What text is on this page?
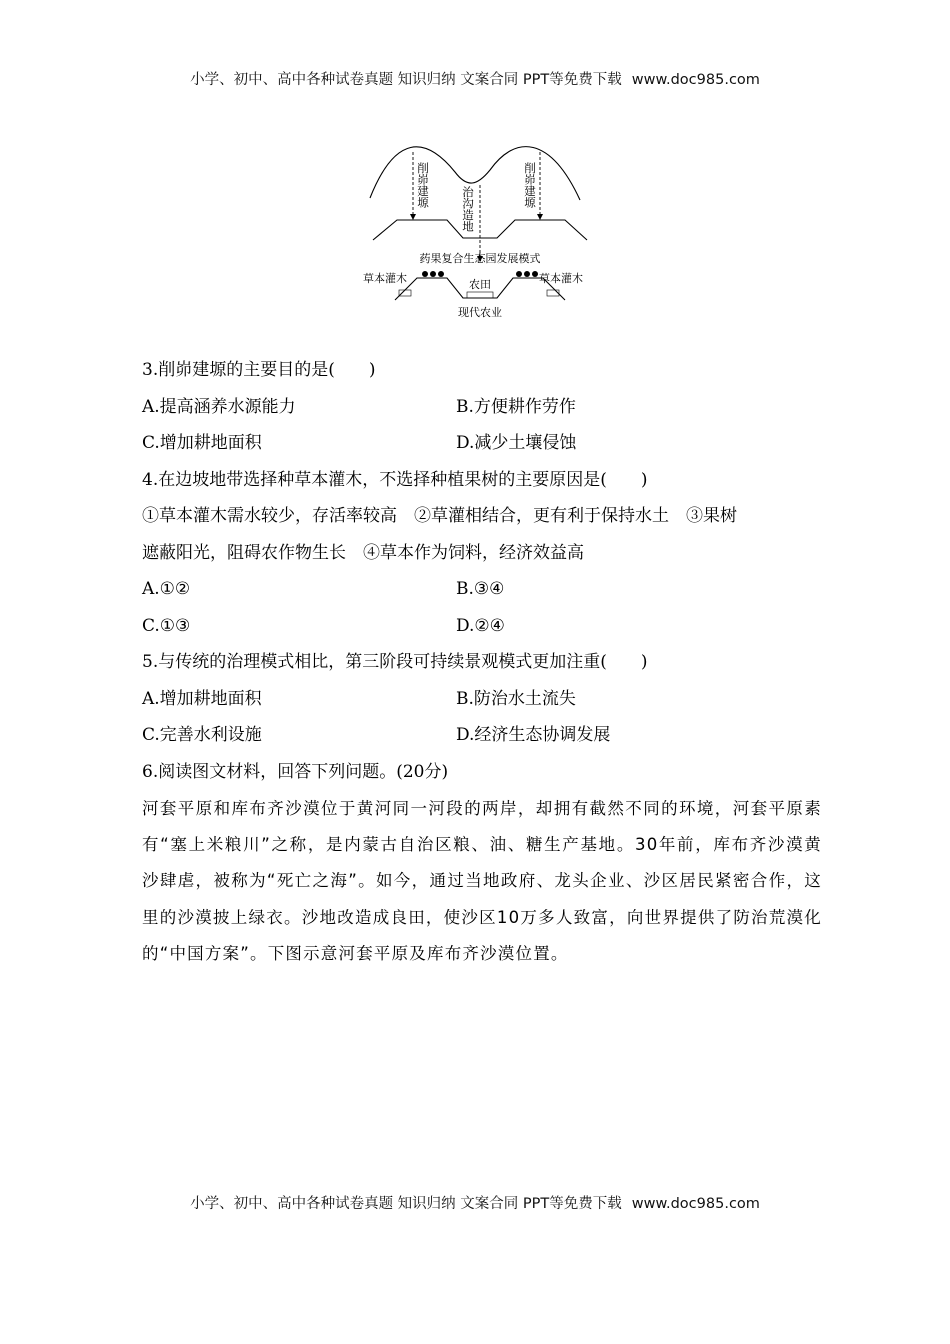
小学、初中、高中各种试卷真题 知识归纳 文案合同 PPT等免费下载 www.doc985.com
削峁建塬
治沟造地
削峁建塬
药果复合生态园发展模式
草本灌木	农田	草本灌木
现代农业
3.削峁建塬的主要目的是(　　)
A.提高涵养水源能力	B.方便耕作劳作
C.增加耕地面积	D.减少土壤侵蚀
4.在边坡地带选择种草本灌木，不选择种植果树的主要原因是(　　)
①草本灌木需水较少，存活率较高　②草灌相结合，更有利于保持水土　③果树
遮蔽阳光，阻碍农作物生长　④草本作为饲料，经济效益高
A.①②	B.③④
C.①③	D.②④
5.与传统的治理模式相比，第三阶段可持续景观模式更加注重(　　)
A.增加耕地面积	B.防治水土流失
C.完善水利设施	D.经济生态协调发展
6.阅读图文材料，回答下列问题。(20分)
河套平原和库布齐沙漠位于黄河同一河段的两岸，却拥有截然不同的环境，河套平原素有“塞上米粮川”之称，是内蒙古自治区粮、油、糖生产基地。30年前，库布齐沙漠黄沙肆虐，被称为“死亡之海”。如今，通过当地政府、龙头企业、沙区居民紧密合作，这里的沙漠披上绿衣。沙地改造成良田，使沙区10万多人致富，向世界提供了防治荒漠化的“中国方案”。下图示意河套平原及库布齐沙漠位置。
小学、初中、高中各种试卷真题 知识归纳 文案合同 PPT等免费下载 www.doc985.com
